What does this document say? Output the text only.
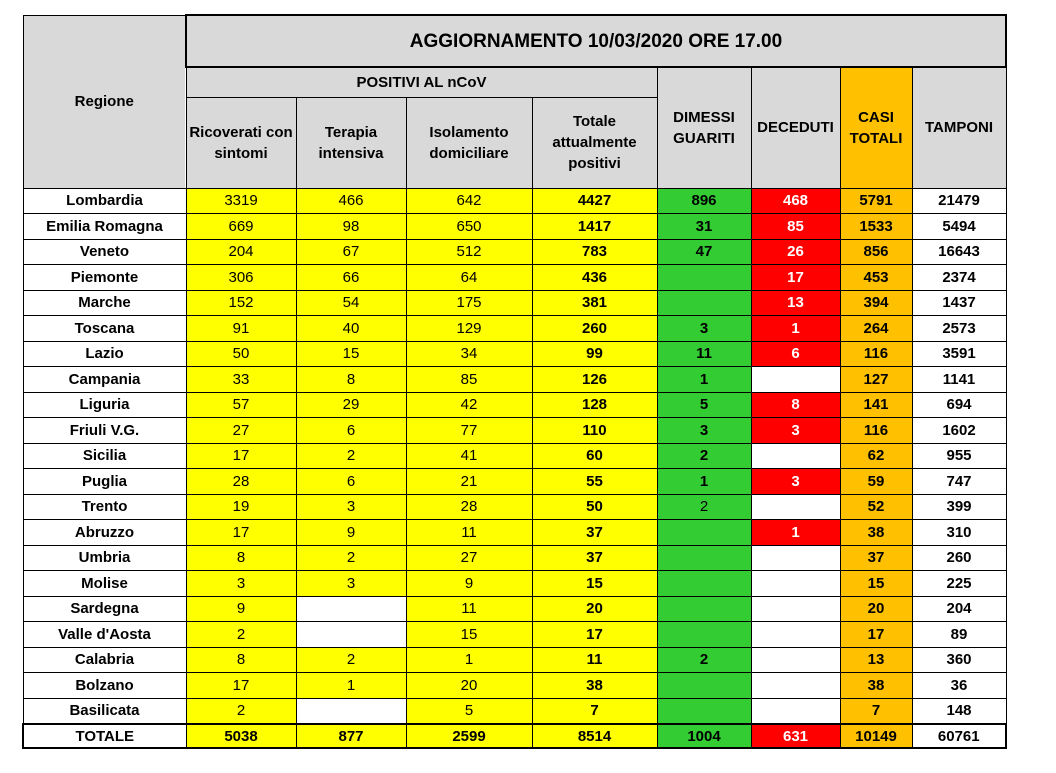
Regione	AGGIORNAMENTO 10/03/2020 ORE 17.00							
	POSITIVI AL nCoV				DIMESSI GUARITI	DECEDUTI	CASI TOTALI	TAMPONI
	Ricoverati con sintomi	Terapia intensiva	Isolamento domiciliare	Totale attualmente positivi				
Lombardia	3319	466	642	4427	896	468	5791	21479
Emilia Romagna	669	98	650	1417	31	85	1533	5494
Veneto	204	67	512	783	47	26	856	16643
Piemonte	306	66	64	436		17	453	2374
Marche	152	54	175	381		13	394	1437
Toscana	91	40	129	260	3	1	264	2573
Lazio	50	15	34	99	11	6	116	3591
Campania	33	8	85	126	1		127	1141
Liguria	57	29	42	128	5	8	141	694
Friuli V.G.	27	6	77	110	3	3	116	1602
Sicilia	17	2	41	60	2		62	955
Puglia	28	6	21	55	1	3	59	747
Trento	19	3	28	50	2		52	399
Abruzzo	17	9	11	37		1	38	310
Umbria	8	2	27	37			37	260
Molise	3	3	9	15			15	225
Sardegna	9		11	20			20	204
Valle d'Aosta	2		15	17			17	89
Calabria	8	2	1	11	2		13	360
Bolzano	17	1	20	38			38	36
Basilicata	2		5	7			7	148
TOTALE	5038	877	2599	8514	1004	631	10149	60761
